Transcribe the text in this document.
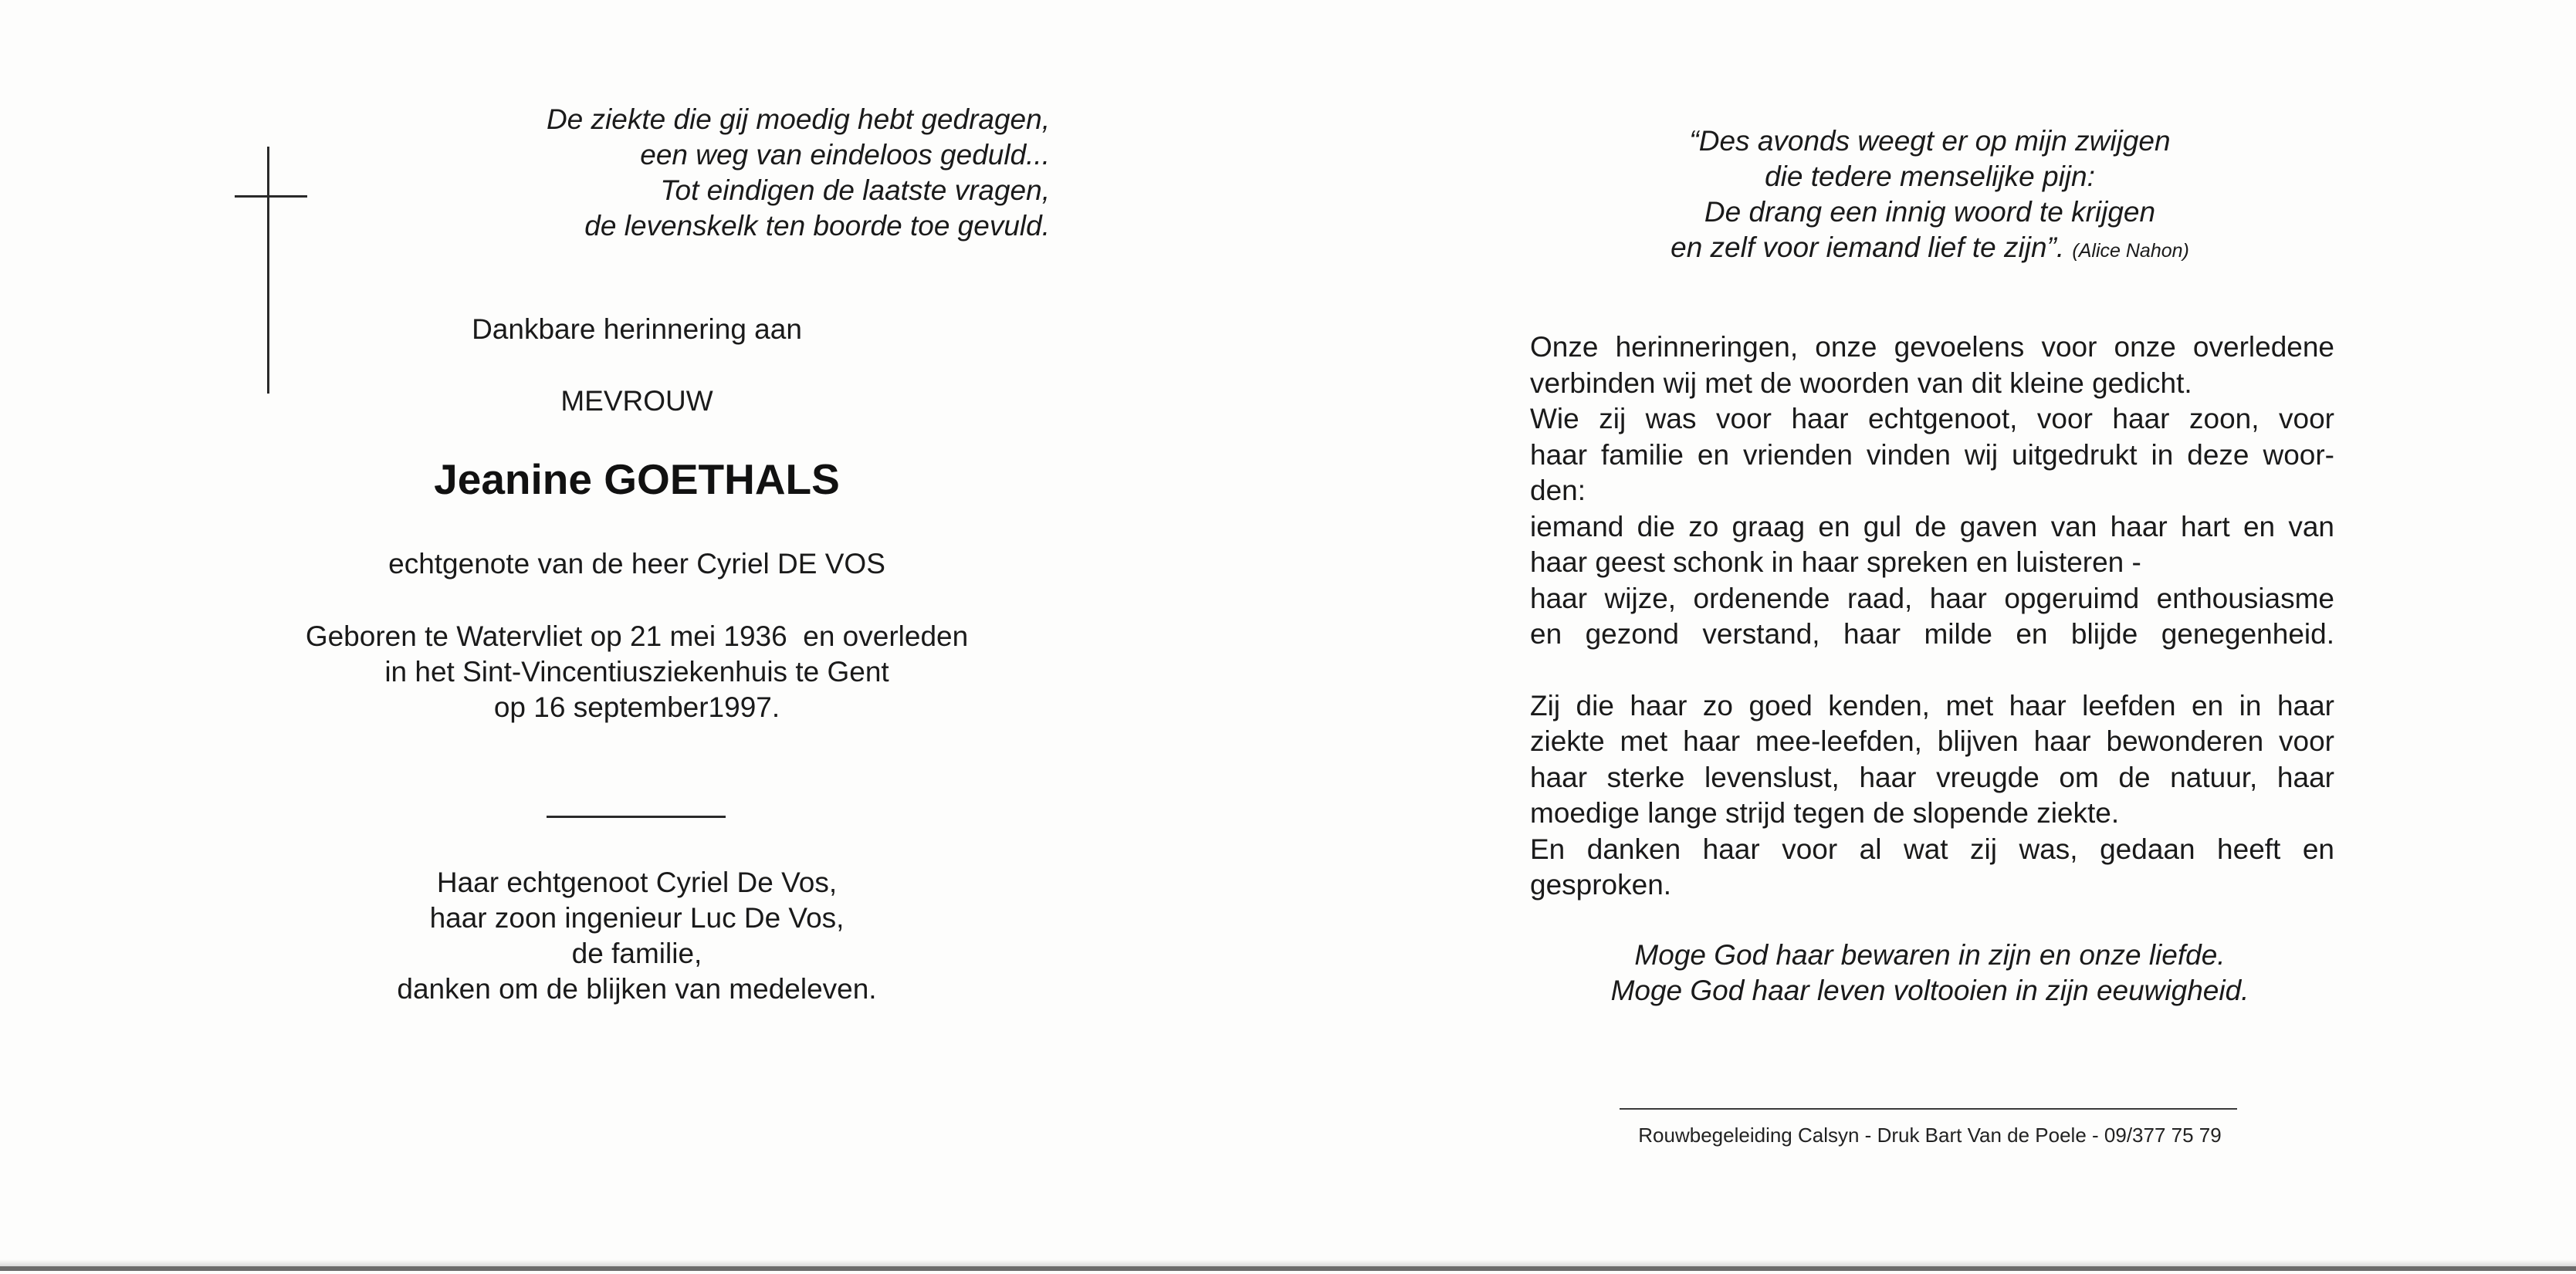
De ziekte die gij moedig hebt gedragen,
een weg van eindeloos geduld...
Tot eindigen de laatste vragen,
de levenskelk ten boorde toe gevuld.

Dankbare herinnering aan

MEVROUW

Jeanine GOETHALS

echtgenote van de heer Cyriel DE VOS

Geboren te Watervliet op 21 mei 1936  en overleden
in het Sint-Vincentiusziekenhuis te Gent
op 16 september1997.

Haar echtgenoot Cyriel De Vos,
haar zoon ingenieur Luc De Vos,
de familie,
danken om de blijken van medeleven.

“Des avonds weegt er op mijn zwijgen
die tedere menselijke pijn:
De drang een innig woord te krijgen
en zelf voor iemand lief te zijn”. (Alice Nahon)

Onze herinneringen, onze gevoelens voor onze overledene
verbinden wij met de woorden van dit kleine gedicht.
Wie zij was voor haar echtgenoot, voor haar zoon, voor
haar familie en vrienden vinden wij uitgedrukt in deze woor-
den:
iemand die zo graag en gul de gaven van haar hart en van
haar geest schonk in haar spreken en luisteren -
haar wijze, ordenende raad, haar opgeruimd enthousiasme
en gezond verstand, haar milde en blijde genegenheid.
Zij die haar zo goed kenden, met haar leefden en in haar
ziekte met haar mee-leefden, blijven haar bewonderen voor
haar sterke levenslust, haar vreugde om de natuur, haar
moedige lange strijd tegen de slopende ziekte.
En danken haar voor al wat zij was, gedaan heeft en
gesproken.

Moge God haar bewaren in zijn en onze liefde.
Moge God haar leven voltooien in zijn eeuwigheid.

Rouwbegeleiding Calsyn - Druk Bart Van de Poele - 09/377 75 79
